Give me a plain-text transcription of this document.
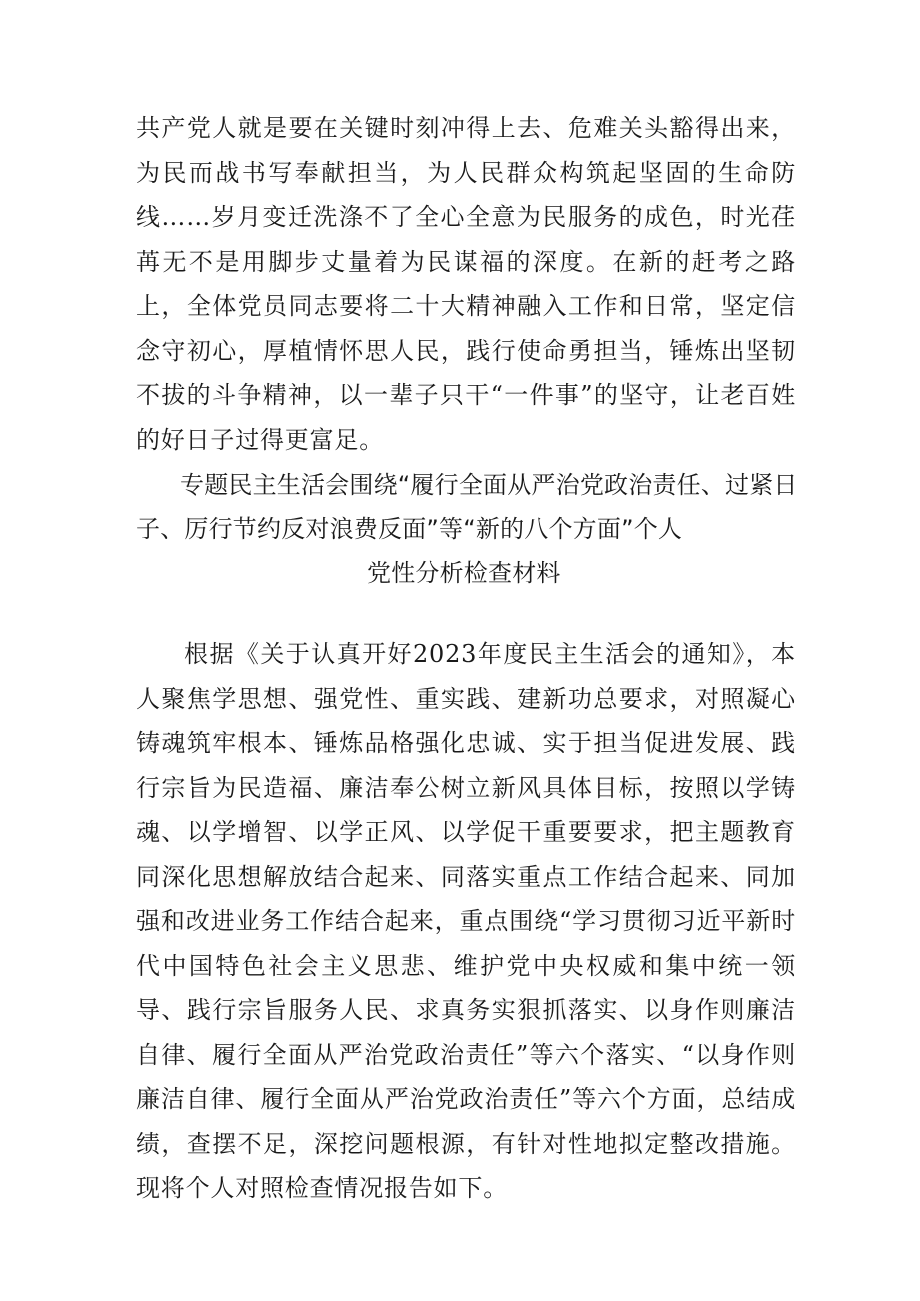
共产党人就是要在关键时刻冲得上去、危难关头豁得出来，为民而战书写奉献担当，为人民群众构筑起坚固的生命防线……岁月变迁洗涤不了全心全意为民服务的成色，时光荏苒无不是用脚步丈量着为民谋福的深度。在新的赶考之路上，全体党员同志要将二十大精神融入工作和日常，坚定信念守初心，厚植情怀思人民，践行使命勇担当，锤炼出坚韧不拔的斗争精神，以一辈子只干“一件事”的坚守，让老百姓的好日子过得更富足。

专题民主生活会围绕“履行全面从严治党政治责任、过紧日
子、厉行节约反对浪费反面”等“新的八个方面”个人
党性分析检查材料

根据《关于认真开好2023年度民主生活会的通知》，本人聚焦学思想、强党性、重实践、建新功总要求，对照凝心铸魂筑牢根本、锤炼品格强化忠诚、实于担当促进发展、践行宗旨为民造福、廉洁奉公树立新风具体目标，按照以学铸魂、以学增智、以学正风、以学促干重要要求，把主题教育同深化思想解放结合起来、同落实重点工作结合起来、同加强和改进业务工作结合起来，重点围绕“学习贯彻习近平新时代中国特色社会主义思悲、维护党中央权威和集中统一领导、践行宗旨服务人民、求真务实狠抓落实、以身作则廉洁自律、履行全面从严治党政治责任”等六个落实、“以身作则廉洁自律、履行全面从严治党政治责任”等六个方面，总结成绩，查摆不足，深挖问题根源，有针对性地拟定整改措施。现将个人对照检查情况报告如下。
